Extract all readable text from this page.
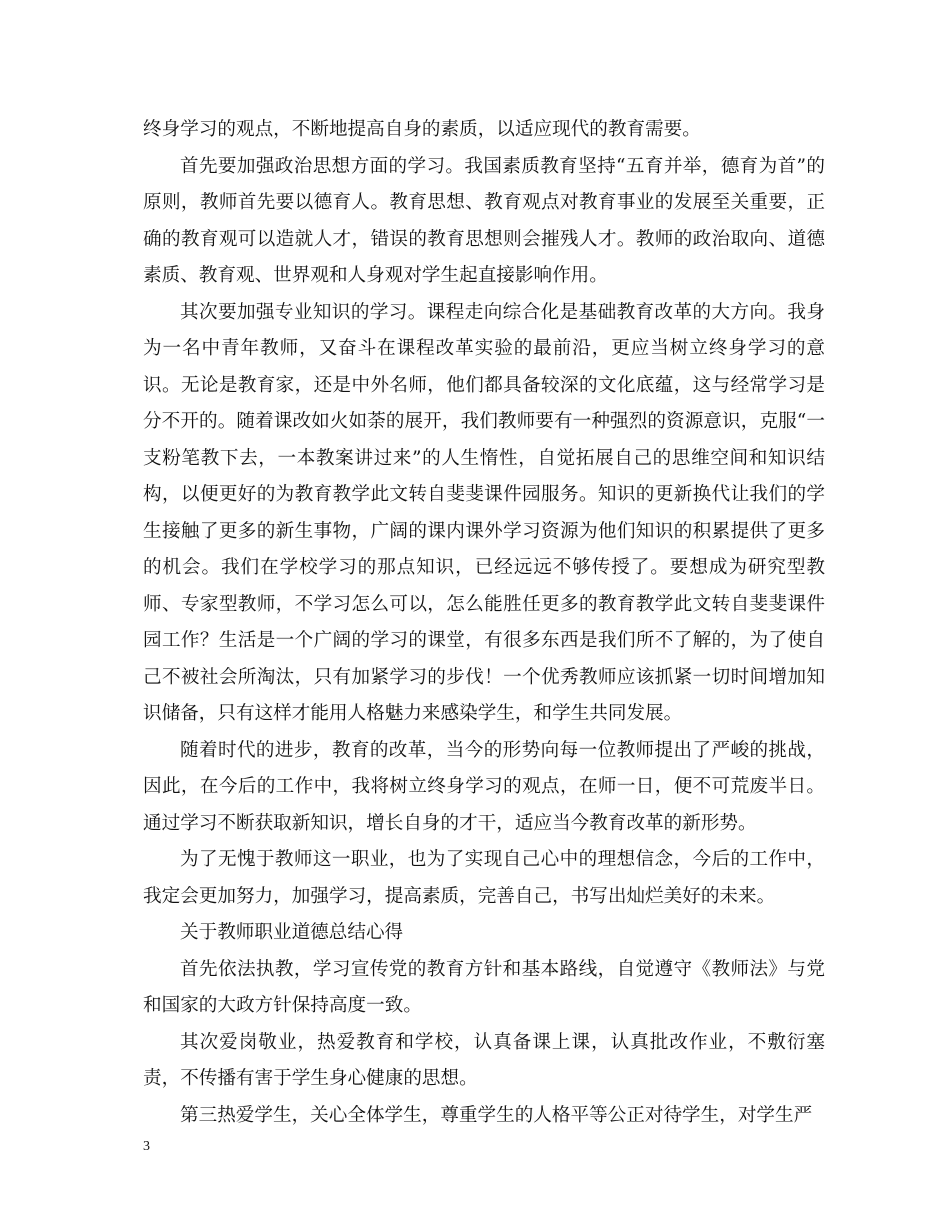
终身学习的观点，不断地提高自身的素质，以适应现代的教育需要。

首先要加强政治思想方面的学习。我国素质教育坚持“五育并举，德育为首”的原则，教师首先要以德育人。教育思想、教育观点对教育事业的发展至关重要，正确的教育观可以造就人才，错误的教育思想则会摧残人才。教师的政治取向、道德素质、教育观、世界观和人身观对学生起直接影响作用。

其次要加强专业知识的学习。课程走向综合化是基础教育改革的大方向。我身为一名中青年教师，又奋斗在课程改革实验的最前沿，更应当树立终身学习的意识。无论是教育家，还是中外名师，他们都具备较深的文化底蕴，这与经常学习是分不开的。随着课改如火如荼的展开，我们教师要有一种强烈的资源意识，克服“一支粉笔教下去，一本教案讲过来”的人生惰性，自觉拓展自己的思维空间和知识结构，以便更好的为教育教学此文转自斐斐课件园服务。知识的更新换代让我们的学生接触了更多的新生事物，广阔的课内课外学习资源为他们知识的积累提供了更多的机会。我们在学校学习的那点知识，已经远远不够传授了。要想成为研究型教师、专家型教师，不学习怎么可以，怎么能胜任更多的教育教学此文转自斐斐课件园工作？生活是一个广阔的学习的课堂，有很多东西是我们所不了解的，为了使自己不被社会所淘汰，只有加紧学习的步伐！一个优秀教师应该抓紧一切时间增加知识储备，只有这样才能用人格魅力来感染学生，和学生共同发展。

随着时代的进步，教育的改革，当今的形势向每一位教师提出了严峻的挑战，因此，在今后的工作中，我将树立终身学习的观点，在师一日，便不可荒废半日。通过学习不断获取新知识，增长自身的才干，适应当今教育改革的新形势。

为了无愧于教师这一职业，也为了实现自己心中的理想信念，今后的工作中，我定会更加努力，加强学习，提高素质，完善自己，书写出灿烂美好的未来。

关于教师职业道德总结心得

首先依法执教，学习宣传党的教育方针和基本路线，自觉遵守《教师法》与党和国家的大政方针保持高度一致。

其次爱岗敬业，热爱教育和学校，认真备课上课，认真批改作业，不敷衍塞责，不传播有害于学生身心健康的思想。

第三热爱学生，关心全体学生，尊重学生的人格平等公正对待学生，对学生严

3
